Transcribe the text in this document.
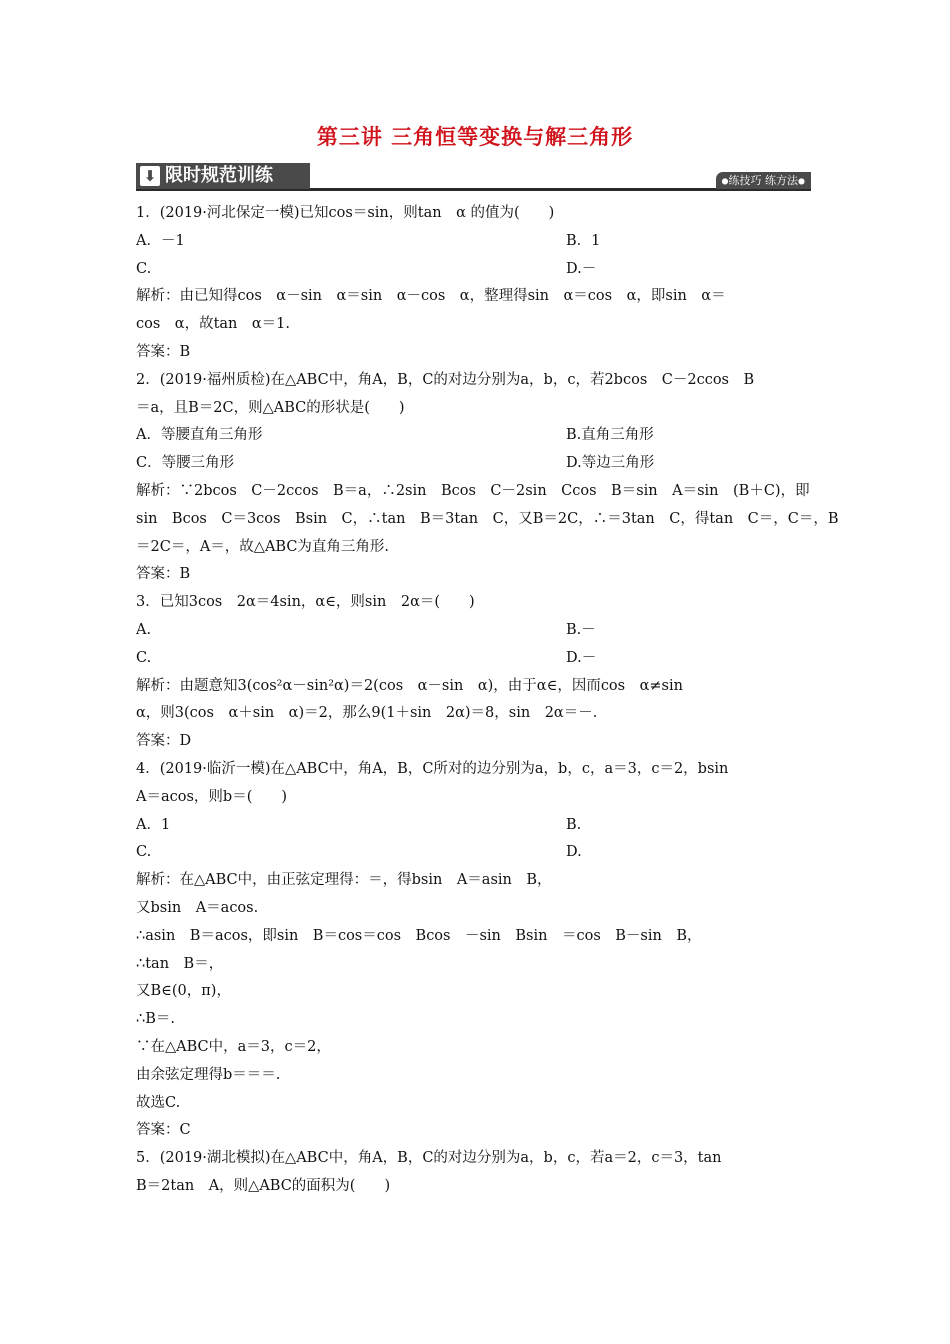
第三讲 三角恒等变换与解三角形
⬇ 限时规范训练	●练技巧 练方法●
1．(2019·河北保定一模)已知cos＝sin，则tan　α 的值为(　　)
A．－1	B．1
C.	D.－
解析：由已知得cos　α－sin　α＝sin　α－cos　α，整理得sin　α＝cos　α，即sin　α＝
cos　α，故tan　α＝1.
答案：B
2．(2019·福州质检)在△ABC中，角A，B，C的对边分别为a，b，c，若2bcos　C－2ccos　B
＝a，且B＝2C，则△ABC的形状是(　　)
A．等腰直角三角形	B.直角三角形
C．等腰三角形	D.等边三角形
解析：∵2bcos　C－2ccos　B＝a，∴2sin　Bcos　C－2sin　Ccos　B＝sin　A＝sin　(B＋C)，即
sin　Bcos　C＝3cos　Bsin　C，∴tan　B＝3tan　C，又B＝2C，∴＝3tan　C，得tan　C＝，C＝，B
＝2C＝，A＝，故△ABC为直角三角形.
答案：B
3．已知3cos　2α＝4sin，α∈，则sin　2α＝(　　)
A.	B.－
C.	D.－
解析：由题意知3(cos²α－sin²α)＝2(cos　α－sin　α)，由于α∈，因而cos　α≠sin
α，则3(cos　α＋sin　α)＝2，那么9(1＋sin　2α)＝8，sin　2α＝－.
答案：D
4．(2019·临沂一模)在△ABC中，角A，B，C所对的边分别为a，b，c，a＝3，c＝2，bsin
A＝acos，则b＝(　　)
A．1	B.
C.	D.
解析：在△ABC中，由正弦定理得：＝，得bsin　A＝asin　B，
又bsin　A＝acos.
∴asin　B＝acos，即sin　B＝cos＝cos　Bcos　－sin　Bsin　＝cos　B－sin　B，
∴tan　B＝，
又B∈(0，π)，
∴B＝.
∵在△ABC中，a＝3，c＝2，
由余弦定理得b＝＝＝.
故选C.
答案：C
5．(2019·湖北模拟)在△ABC中，角A，B，C的对边分别为a，b，c，若a＝2，c＝3，tan
B＝2tan　A，则△ABC的面积为(　　)
